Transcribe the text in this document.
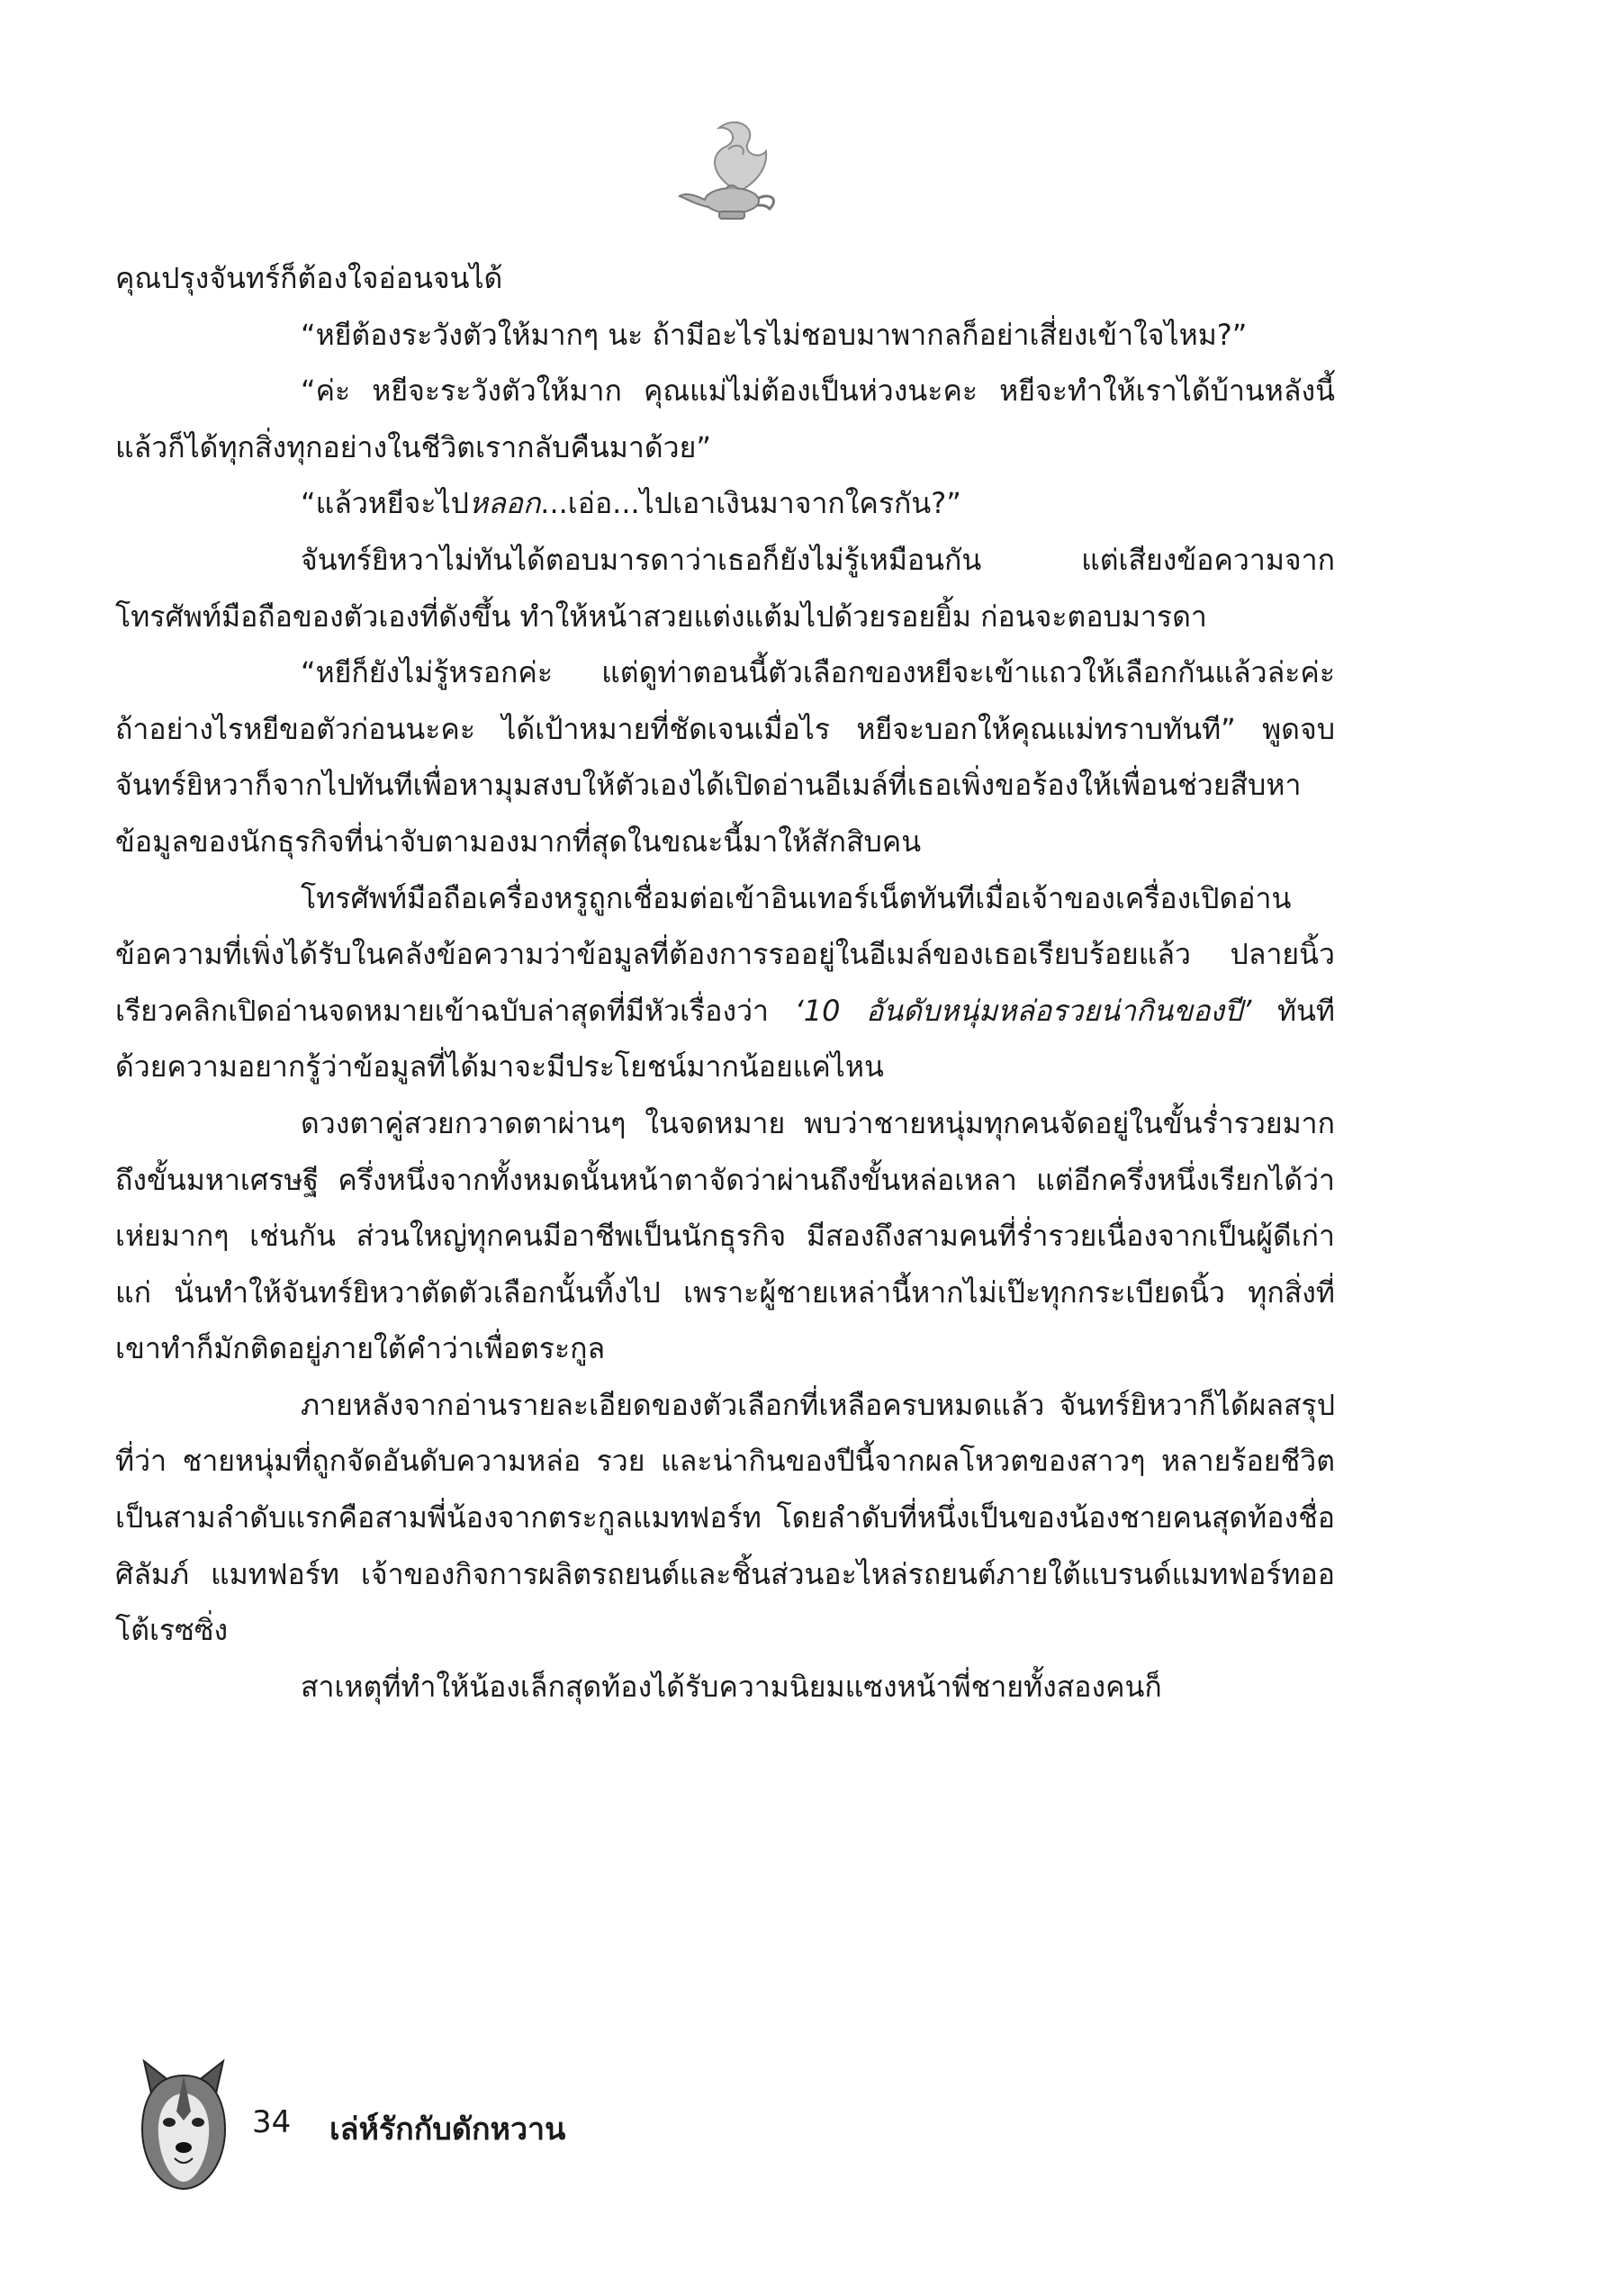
คุณปรุงจันทร์ก็ต้องใจอ่อนจนได้

“หยีต้องระวังตัวให้มากๆ นะ ถ้ามีอะไรไม่ชอบมาพากลก็อย่าเสี่ยงเข้าใจไหม?”

“ค่ะ หยีจะระวังตัวให้มาก คุณแม่ไม่ต้องเป็นห่วงนะคะ หยีจะทำให้เราได้บ้านหลังนี้ แล้วก็ได้ทุกสิ่งทุกอย่างในชีวิตเรากลับคืนมาด้วย”

“แล้วหยีจะไปหลอก...เอ่อ...ไปเอาเงินมาจากใครกัน?”

จันทร์ยิหวาไม่ทันได้ตอบมารดาว่าเธอก็ยังไม่รู้เหมือนกัน แต่เสียงข้อความจากโทรศัพท์มือถือของตัวเองที่ดังขึ้น ทำให้หน้าสวยแต่งแต้มไปด้วยรอยยิ้ม ก่อนจะตอบมารดา

“หยีก็ยังไม่รู้หรอกค่ะ แต่ดูท่าตอนนี้ตัวเลือกของหยีจะเข้าแถวให้เลือกกันแล้วล่ะค่ะ ถ้าอย่างไรหยีขอตัวก่อนนะคะ ได้เป้าหมายที่ชัดเจนเมื่อไร หยีจะบอกให้คุณแม่ทราบทันที” พูดจบจันทร์ยิหวาก็จากไปทันทีเพื่อหามุมสงบให้ตัวเองได้เปิดอ่านอีเมล์ที่เธอเพิ่งขอร้องให้เพื่อนช่วยสืบหาข้อมูลของนักธุรกิจที่น่าจับตามองมากที่สุดในขณะนี้มาให้สักสิบคน

โทรศัพท์มือถือเครื่องหรูถูกเชื่อมต่อเข้าอินเทอร์เน็ตทันทีเมื่อเจ้าของเครื่องเปิดอ่านข้อความที่เพิ่งได้รับในคลังข้อความว่าข้อมูลที่ต้องการรออยู่ในอีเมล์ของเธอเรียบร้อยแล้ว ปลายนิ้วเรียวคลิกเปิดอ่านจดหมายเข้าฉบับล่าสุดที่มีหัวเรื่องว่า ‘10 อันดับหนุ่มหล่อรวยน่ากินของปี’ ทันทีด้วยความอยากรู้ว่าข้อมูลที่ได้มาจะมีประโยชน์มากน้อยแค่ไหน

ดวงตาคู่สวยกวาดตาผ่านๆ ในจดหมาย พบว่าชายหนุ่มทุกคนจัดอยู่ในขั้นร่ำรวยมากถึงขั้นมหาเศรษฐี ครึ่งหนึ่งจากทั้งหมดนั้นหน้าตาจัดว่าผ่านถึงขั้นหล่อเหลา แต่อีกครึ่งหนึ่งเรียกได้ว่าเห่ยมากๆ เช่นกัน ส่วนใหญ่ทุกคนมีอาชีพเป็นนักธุรกิจ มีสองถึงสามคนที่ร่ำรวยเนื่องจากเป็นผู้ดีเก่าแก่ นั่นทำให้จันทร์ยิหวาตัดตัวเลือกนั้นทิ้งไป เพราะผู้ชายเหล่านี้หากไม่เป๊ะทุกกระเบียดนิ้ว ทุกสิ่งที่เขาทำก็มักติดอยู่ภายใต้คำว่าเพื่อตระกูล

ภายหลังจากอ่านรายละเอียดของตัวเลือกที่เหลือครบหมดแล้ว จันทร์ยิหวาก็ได้ผลสรุปที่ว่า ชายหนุ่มที่ถูกจัดอันดับความหล่อ รวย และน่ากินของปีนี้จากผลโหวตของสาวๆ หลายร้อยชีวิตเป็นสามลำดับแรกคือสามพี่น้องจากตระกูลแมทฟอร์ท โดยลำดับที่หนึ่งเป็นของน้องชายคนสุดท้องชื่อศิลัมภ์ แมทฟอร์ท เจ้าของกิจการผลิตรถยนต์และชิ้นส่วนอะไหล่รถยนต์ภายใต้แบรนด์แมทฟอร์ทออโต้เรซซิ่ง

สาเหตุที่ทำให้น้องเล็กสุดท้องได้รับความนิยมแซงหน้าพี่ชายทั้งสองคนก็

34 เล่ห์รักกับดักหวาน
